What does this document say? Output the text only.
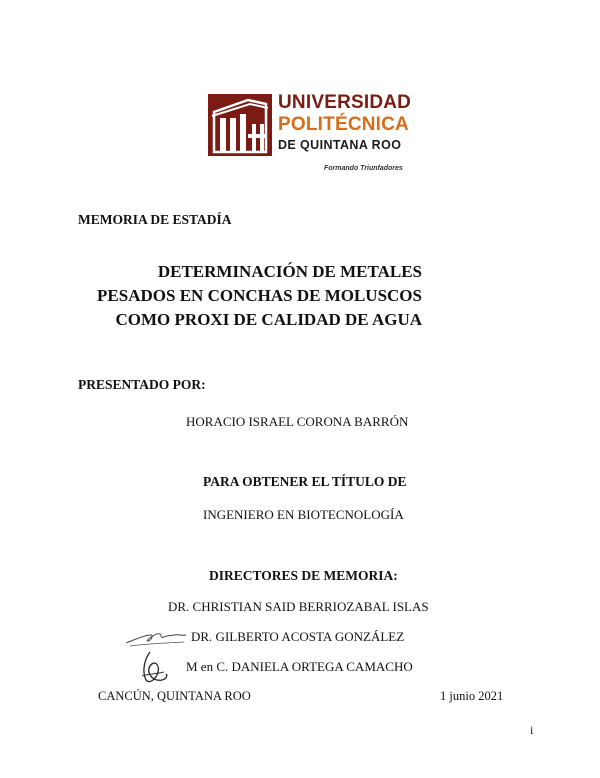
UNIVERSIDAD
POLITÉCNICA
DE QUINTANA ROO
Formando Triunfadores
MEMORIA DE ESTADÍA
DETERMINACIÓN DE METALES
PESADOS EN CONCHAS DE MOLUSCOS
COMO PROXI DE CALIDAD DE AGUA
PRESENTADO POR:
HORACIO ISRAEL CORONA BARRÓN
PARA OBTENER EL TÍTULO DE
INGENIERO EN BIOTECNOLOGÍA
DIRECTORES DE MEMORIA:
DR. CHRISTIAN SAID BERRIOZABAL ISLAS
DR. GILBERTO ACOSTA GONZÁLEZ
M en C. DANIELA ORTEGA CAMACHO
CANCÚN, QUINTANA ROO	1 junio 2021
i
